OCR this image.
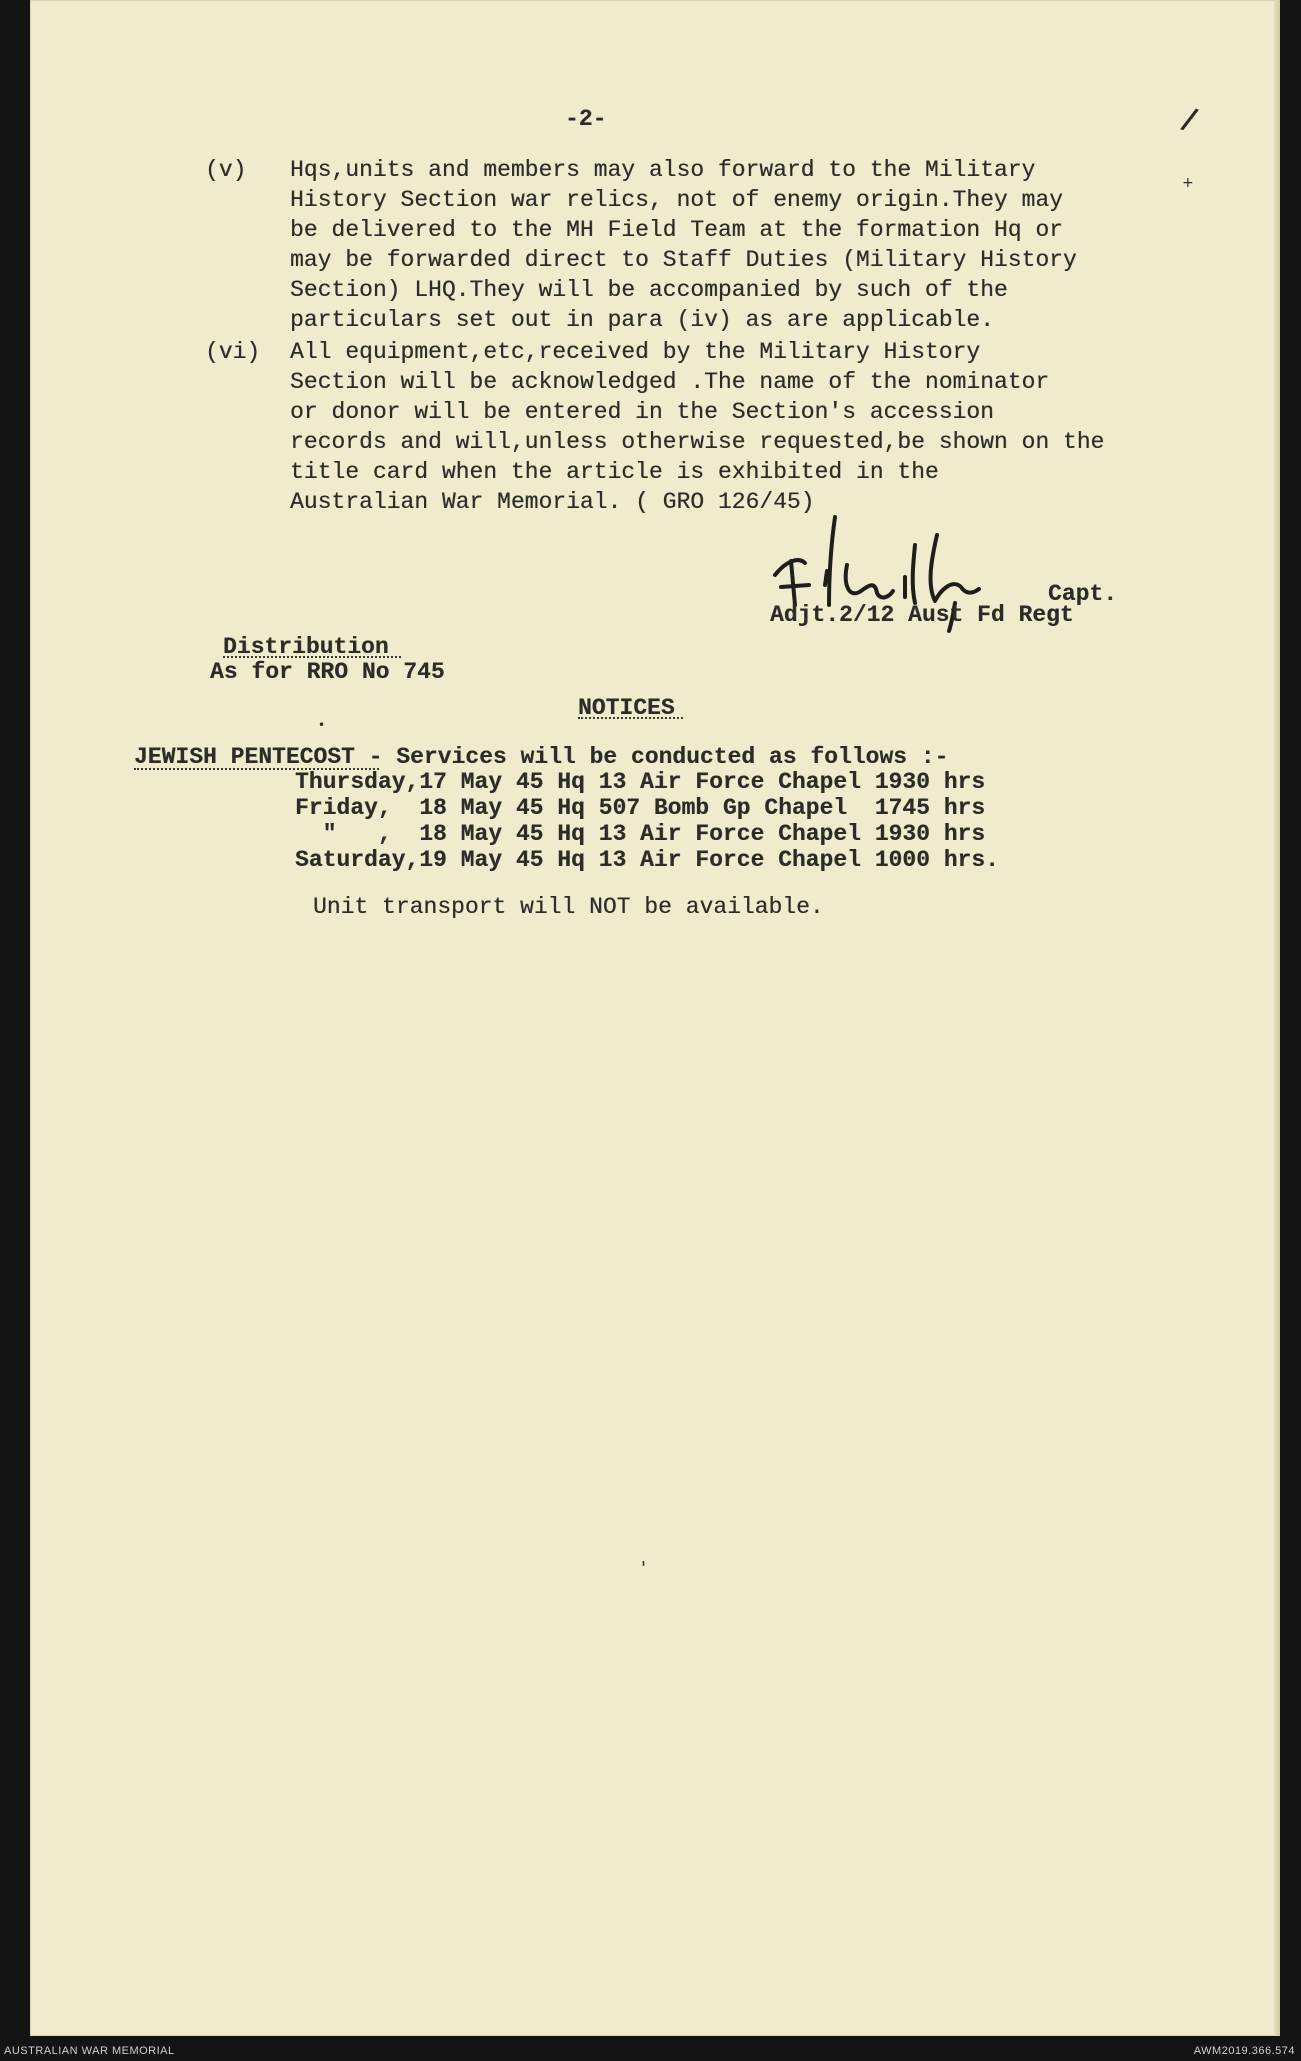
-2-	/
+
(v) Hqs,units and members may also forward to the Military
History Section war relics, not of enemy origin.They may
be delivered to the MH Field Team at the formation Hq or
may be forwarded direct to Staff Duties (Military History
Section) LHQ.They will be accompanied by such of the
particulars set out in para (iv) as are applicable.
(vi) All equipment,etc,received by the Military History
Section will be acknowledged .The name of the nominator
or donor will be entered in the Section's accession
records and will,unless otherwise requested,be shown on the
title card when the article is exhibited in the
Australian War Memorial. ( GRO 126/45)
Capt.
Adjt.2/12 Aust Fd Regt
Distribution
As for RRO No 745
NOTICES
•
JEWISH PENTECOST - Services will be conducted as follows :-
Thursday,17 May 45 Hq 13 Air Force Chapel 1930 hrs
Friday,  18 May 45 Hq 507 Bomb Gp Chapel  1745 hrs
"   ,  18 May 45 Hq 13 Air Force Chapel 1930 hrs
Saturday,19 May 45 Hq 13 Air Force Chapel 1000 hrs.
Unit transport will NOT be available.
'
AUSTRALIAN WAR MEMORIAL	AWM2019.366.574
